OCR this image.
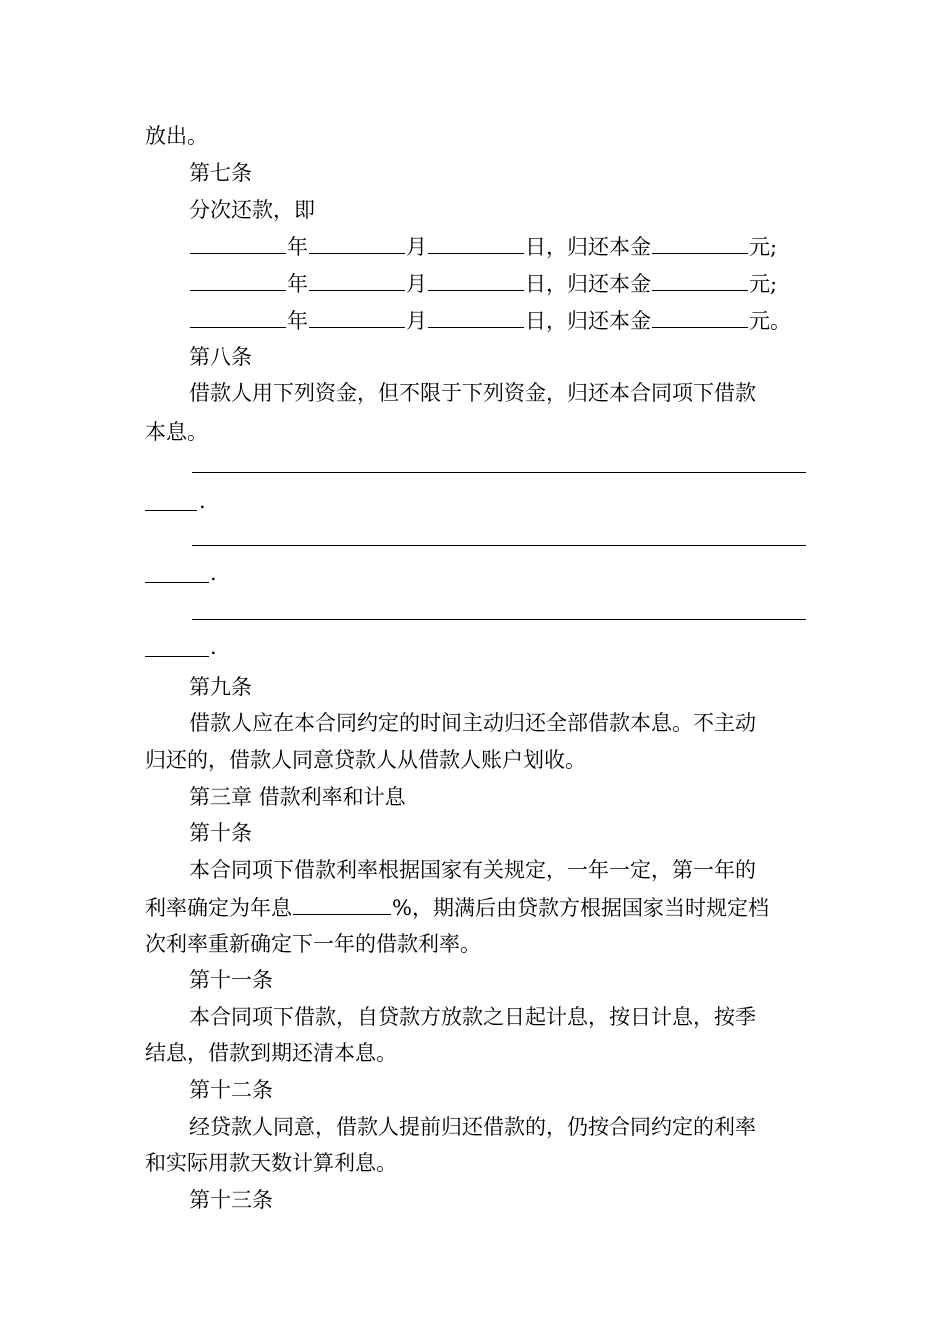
放出。
第七条
分次还款，即
年	月	日，归还本金	元;
年	月	日，归还本金	元;
年	月	日，归还本金	元。
第八条
借款人用下列资金，但不限于下列资金，归还本合同项下借款
本息。
.
.
.
第九条
借款人应在本合同约定的时间主动归还全部借款本息。不主动
归还的，借款人同意贷款人从借款人账户划收。
第三章 借款利率和计息
第十条
本合同项下借款利率根据国家有关规定，一年一定，第一年的
利率确定为年息	%，期满后由贷款方根据国家当时规定档
次利率重新确定下一年的借款利率。
第十一条
本合同项下借款，自贷款方放款之日起计息，按日计息，按季
结息，借款到期还清本息。
第十二条
经贷款人同意，借款人提前归还借款的，仍按合同约定的利率
和实际用款天数计算利息。
第十三条
